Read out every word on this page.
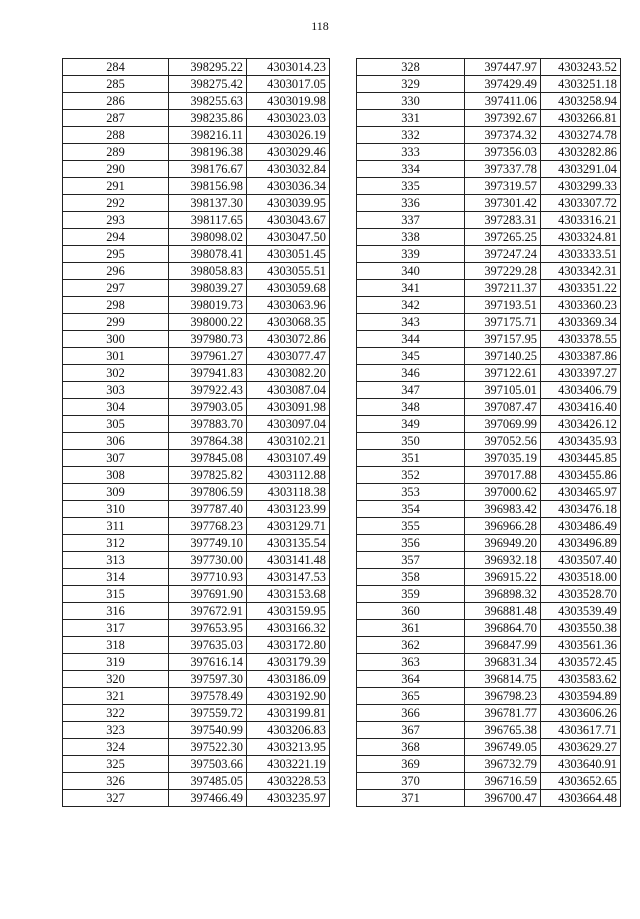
118
284	398295.22	4303014.23
285	398275.42	4303017.05
286	398255.63	4303019.98
287	398235.86	4303023.03
288	398216.11	4303026.19
289	398196.38	4303029.46
290	398176.67	4303032.84
291	398156.98	4303036.34
292	398137.30	4303039.95
293	398117.65	4303043.67
294	398098.02	4303047.50
295	398078.41	4303051.45
296	398058.83	4303055.51
297	398039.27	4303059.68
298	398019.73	4303063.96
299	398000.22	4303068.35
300	397980.73	4303072.86
301	397961.27	4303077.47
302	397941.83	4303082.20
303	397922.43	4303087.04
304	397903.05	4303091.98
305	397883.70	4303097.04
306	397864.38	4303102.21
307	397845.08	4303107.49
308	397825.82	4303112.88
309	397806.59	4303118.38
310	397787.40	4303123.99
311	397768.23	4303129.71
312	397749.10	4303135.54
313	397730.00	4303141.48
314	397710.93	4303147.53
315	397691.90	4303153.68
316	397672.91	4303159.95
317	397653.95	4303166.32
318	397635.03	4303172.80
319	397616.14	4303179.39
320	397597.30	4303186.09
321	397578.49	4303192.90
322	397559.72	4303199.81
323	397540.99	4303206.83
324	397522.30	4303213.95
325	397503.66	4303221.19
326	397485.05	4303228.53
327	397466.49	4303235.97
328	397447.97	4303243.52
329	397429.49	4303251.18
330	397411.06	4303258.94
331	397392.67	4303266.81
332	397374.32	4303274.78
333	397356.03	4303282.86
334	397337.78	4303291.04
335	397319.57	4303299.33
336	397301.42	4303307.72
337	397283.31	4303316.21
338	397265.25	4303324.81
339	397247.24	4303333.51
340	397229.28	4303342.31
341	397211.37	4303351.22
342	397193.51	4303360.23
343	397175.71	4303369.34
344	397157.95	4303378.55
345	397140.25	4303387.86
346	397122.61	4303397.27
347	397105.01	4303406.79
348	397087.47	4303416.40
349	397069.99	4303426.12
350	397052.56	4303435.93
351	397035.19	4303445.85
352	397017.88	4303455.86
353	397000.62	4303465.97
354	396983.42	4303476.18
355	396966.28	4303486.49
356	396949.20	4303496.89
357	396932.18	4303507.40
358	396915.22	4303518.00
359	396898.32	4303528.70
360	396881.48	4303539.49
361	396864.70	4303550.38
362	396847.99	4303561.36
363	396831.34	4303572.45
364	396814.75	4303583.62
365	396798.23	4303594.89
366	396781.77	4303606.26
367	396765.38	4303617.71
368	396749.05	4303629.27
369	396732.79	4303640.91
370	396716.59	4303652.65
371	396700.47	4303664.48
